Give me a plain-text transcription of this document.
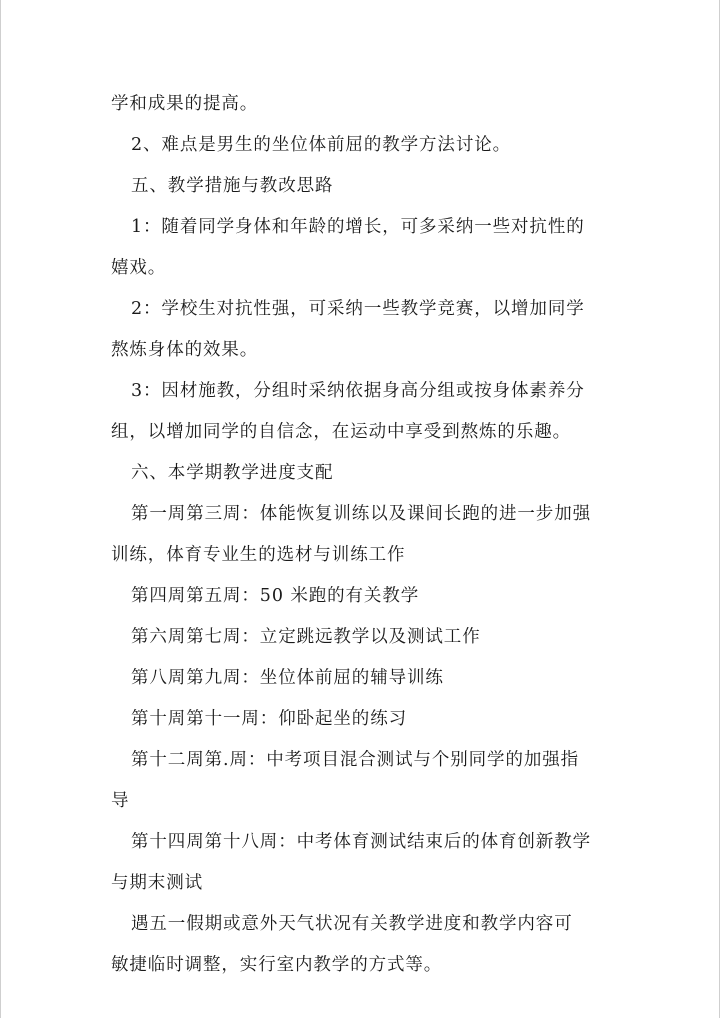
学和成果的提高。
2、难点是男生的坐位体前屈的教学方法讨论。
五、教学措施与教改思路
1：随着同学身体和年龄的增长，可多采纳一些对抗性的
嬉戏。
2：学校生对抗性强，可采纳一些教学竞赛，以增加同学
熬炼身体的效果。
3：因材施教，分组时采纳依据身高分组或按身体素养分
组，以增加同学的自信念，在运动中享受到熬炼的乐趣。
六、本学期教学进度支配
第一周第三周：体能恢复训练以及课间长跑的进一步加强
训练，体育专业生的选材与训练工作
第四周第五周：50 米跑的有关教学
第六周第七周：立定跳远教学以及测试工作
第八周第九周：坐位体前屈的辅导训练
第十周第十一周：仰卧起坐的练习
第十二周第.周：中考项目混合测试与个别同学的加强指
导
第十四周第十八周：中考体育测试结束后的体育创新教学
与期末测试
遇五一假期或意外天气状况有关教学进度和教学内容可
敏捷临时调整，实行室内教学的方式等。
